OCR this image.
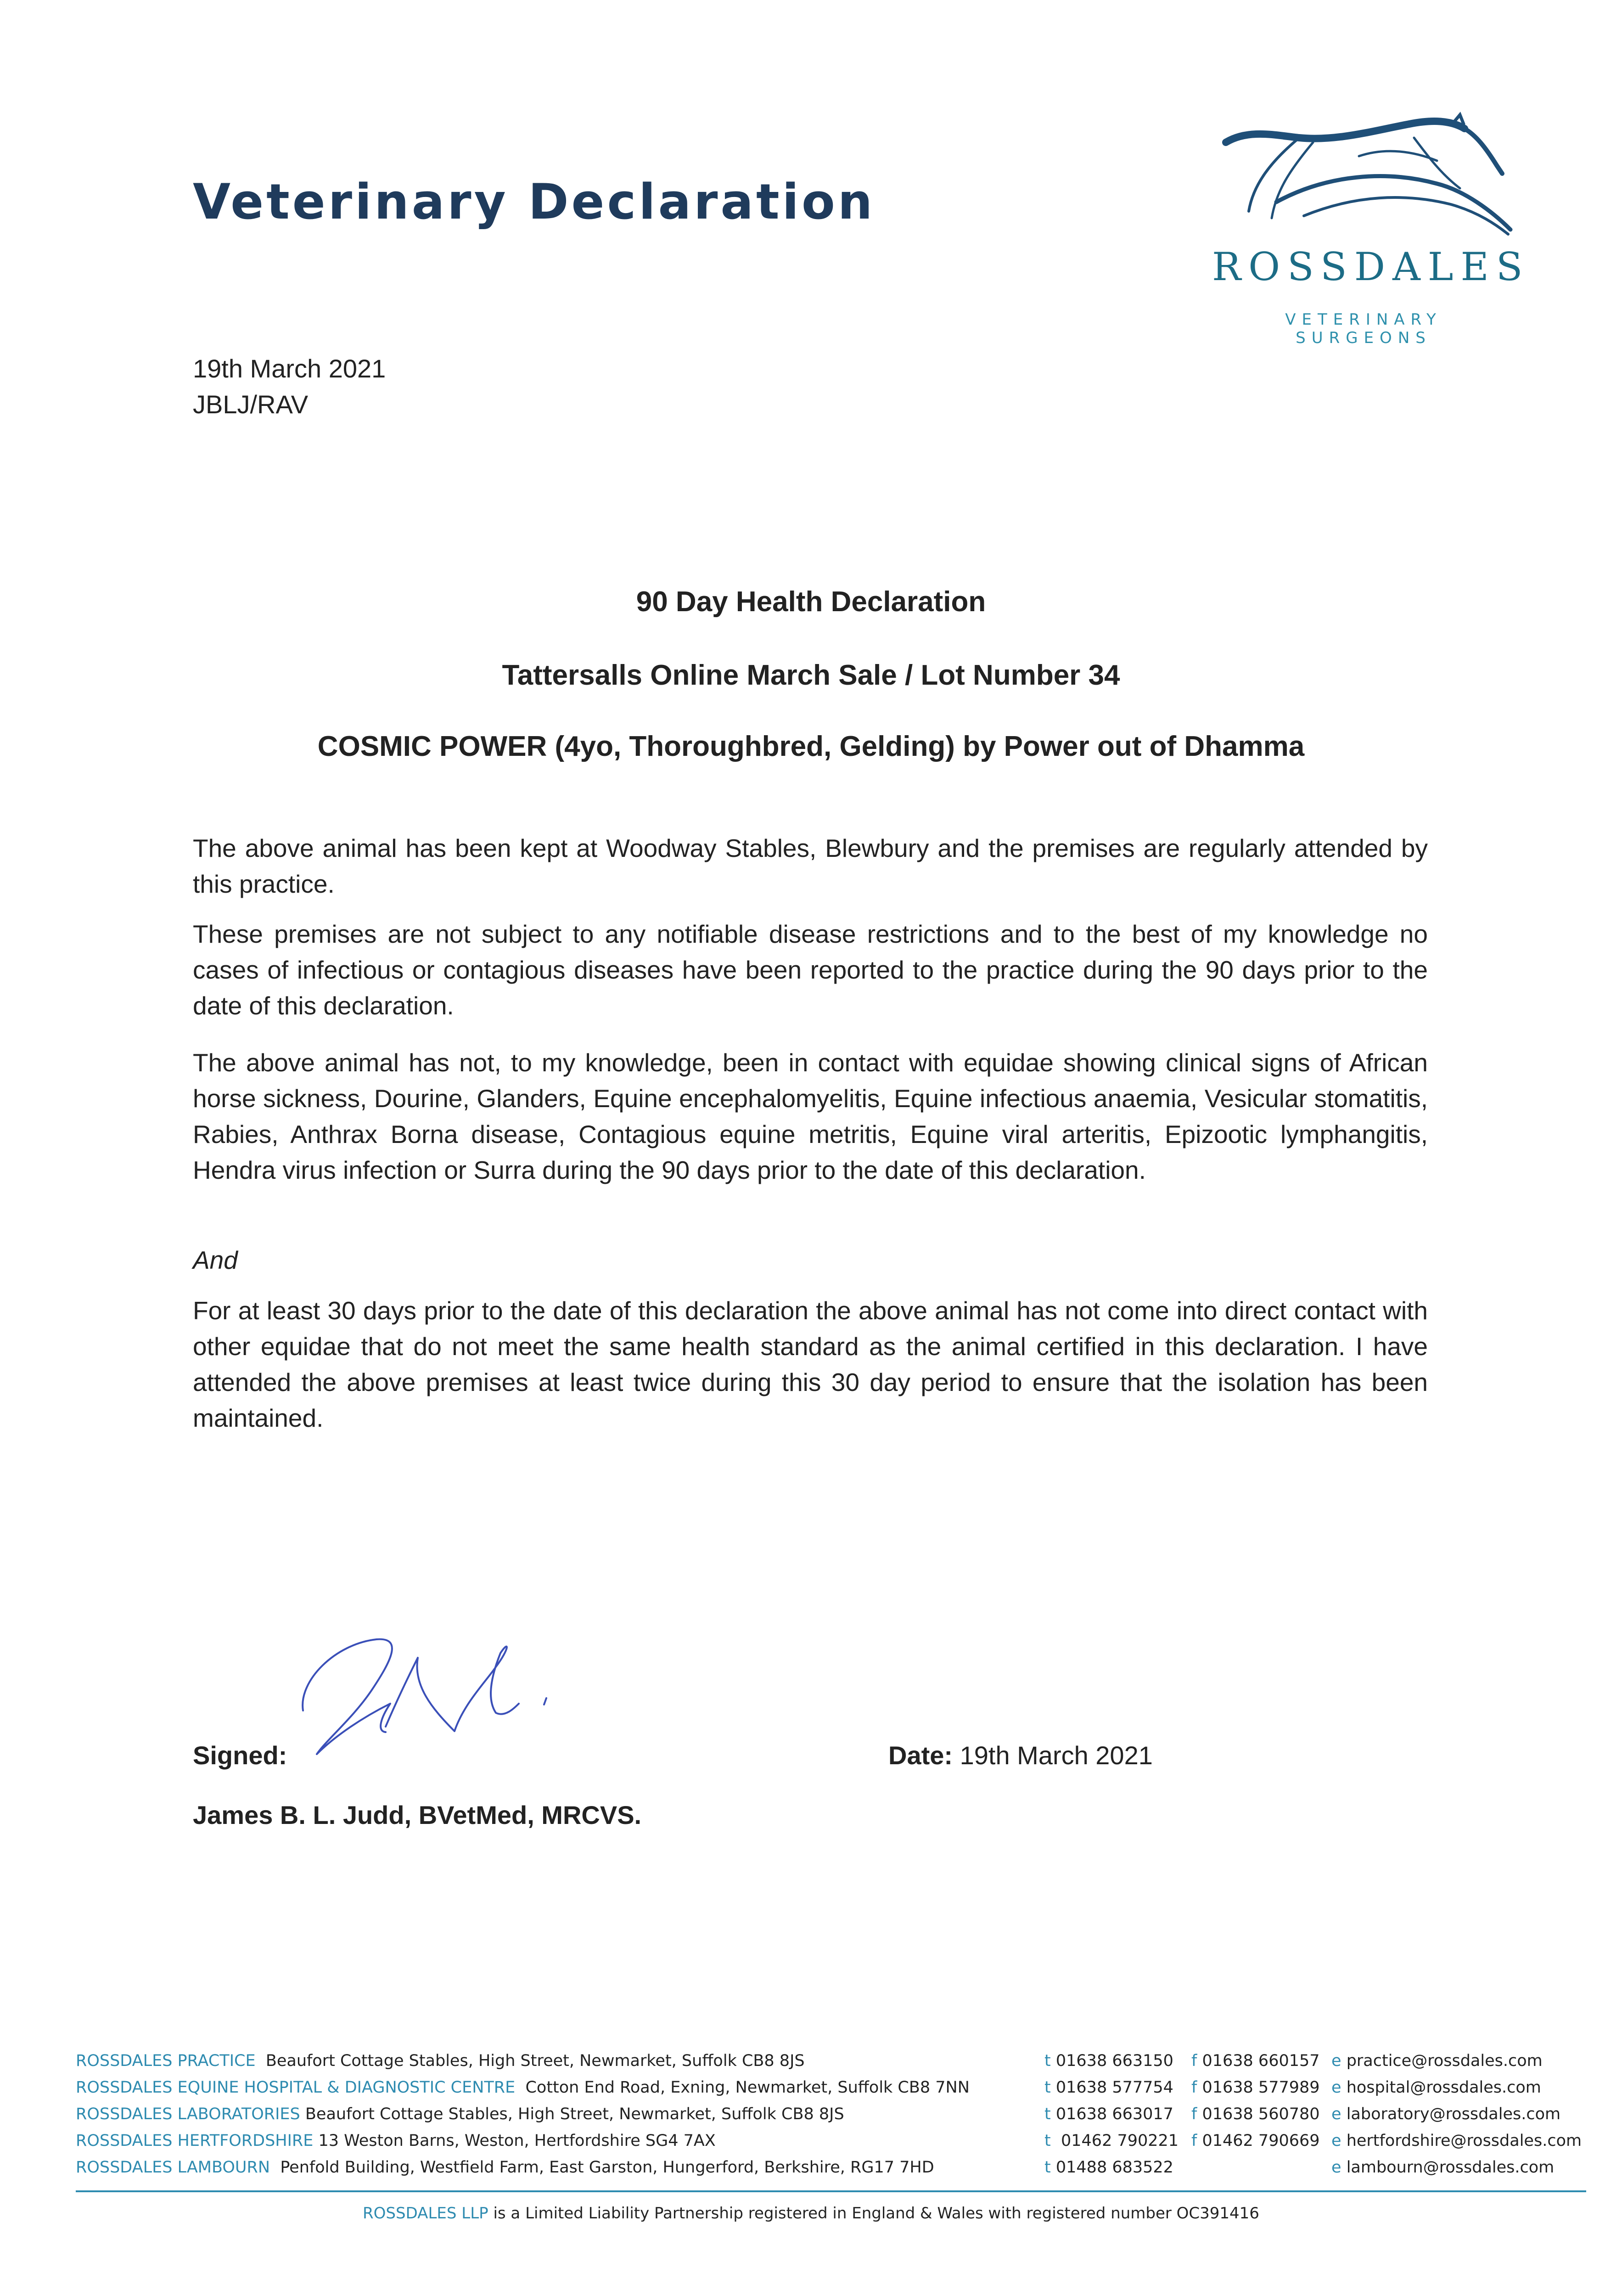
Veterinary Declaration
ROSSDALES
VETERINARY SURGEONS
19th March 2021
JBLJ/RAV
90 Day Health Declaration
Tattersalls Online March Sale / Lot Number 34
COSMIC POWER (4yo, Thoroughbred, Gelding) by Power out of Dhamma

The above animal has been kept at Woodway Stables, Blewbury and the premises are regularly attended by this practice.

These premises are not subject to any notifiable disease restrictions and to the best of my knowledge no cases of infectious or contagious diseases have been reported to the practice during the 90 days prior to the date of this declaration.

The above animal has not, to my knowledge, been in contact with equidae showing clinical signs of African horse sickness, Dourine, Glanders, Equine encephalomyelitis, Equine infectious anaemia, Vesicular stomatitis, Rabies, Anthrax Borna disease, Contagious equine metritis, Equine viral arteritis, Epizootic lymphangitis, Hendra virus infection or Surra during the 90 days prior to the date of this declaration.

And

For at least 30 days prior to the date of this declaration the above animal has not come into direct contact with other equidae that do not meet the same health standard as the animal certified in this declaration. I have attended the above premises at least twice during this 30 day period to ensure that the isolation has been maintained.

Signed:	Date: 19th March 2021
James B. L. Judd, BVetMed, MRCVS.
ROSSDALES PRACTICE Beaufort Cottage Stables, High Street, Newmarket, Suffolk CB8 8JS	t 01638 663150 f 01638 660157 e practice@rossdales.com
ROSSDALES EQUINE HOSPITAL & DIAGNOSTIC CENTRE Cotton End Road, Exning, Newmarket, Suffolk CB8 7NN	t 01638 577754 f 01638 577989 e hospital@rossdales.com
ROSSDALES LABORATORIES Beaufort Cottage Stables, High Street, Newmarket, Suffolk CB8 8JS	t 01638 663017 f 01638 560780 e laboratory@rossdales.com
ROSSDALES HERTFORDSHIRE 13 Weston Barns, Weston, Hertfordshire SG4 7AX	t 01462 790221 f 01462 790669 e hertfordshire@rossdales.com
ROSSDALES LAMBOURN Penfold Building, Westfield Farm, East Garston, Hungerford, Berkshire, RG17 7HD	t 01488 683522	e lambourn@rossdales.com
ROSSDALES LLP is a Limited Liability Partnership registered in England & Wales with registered number OC391416
